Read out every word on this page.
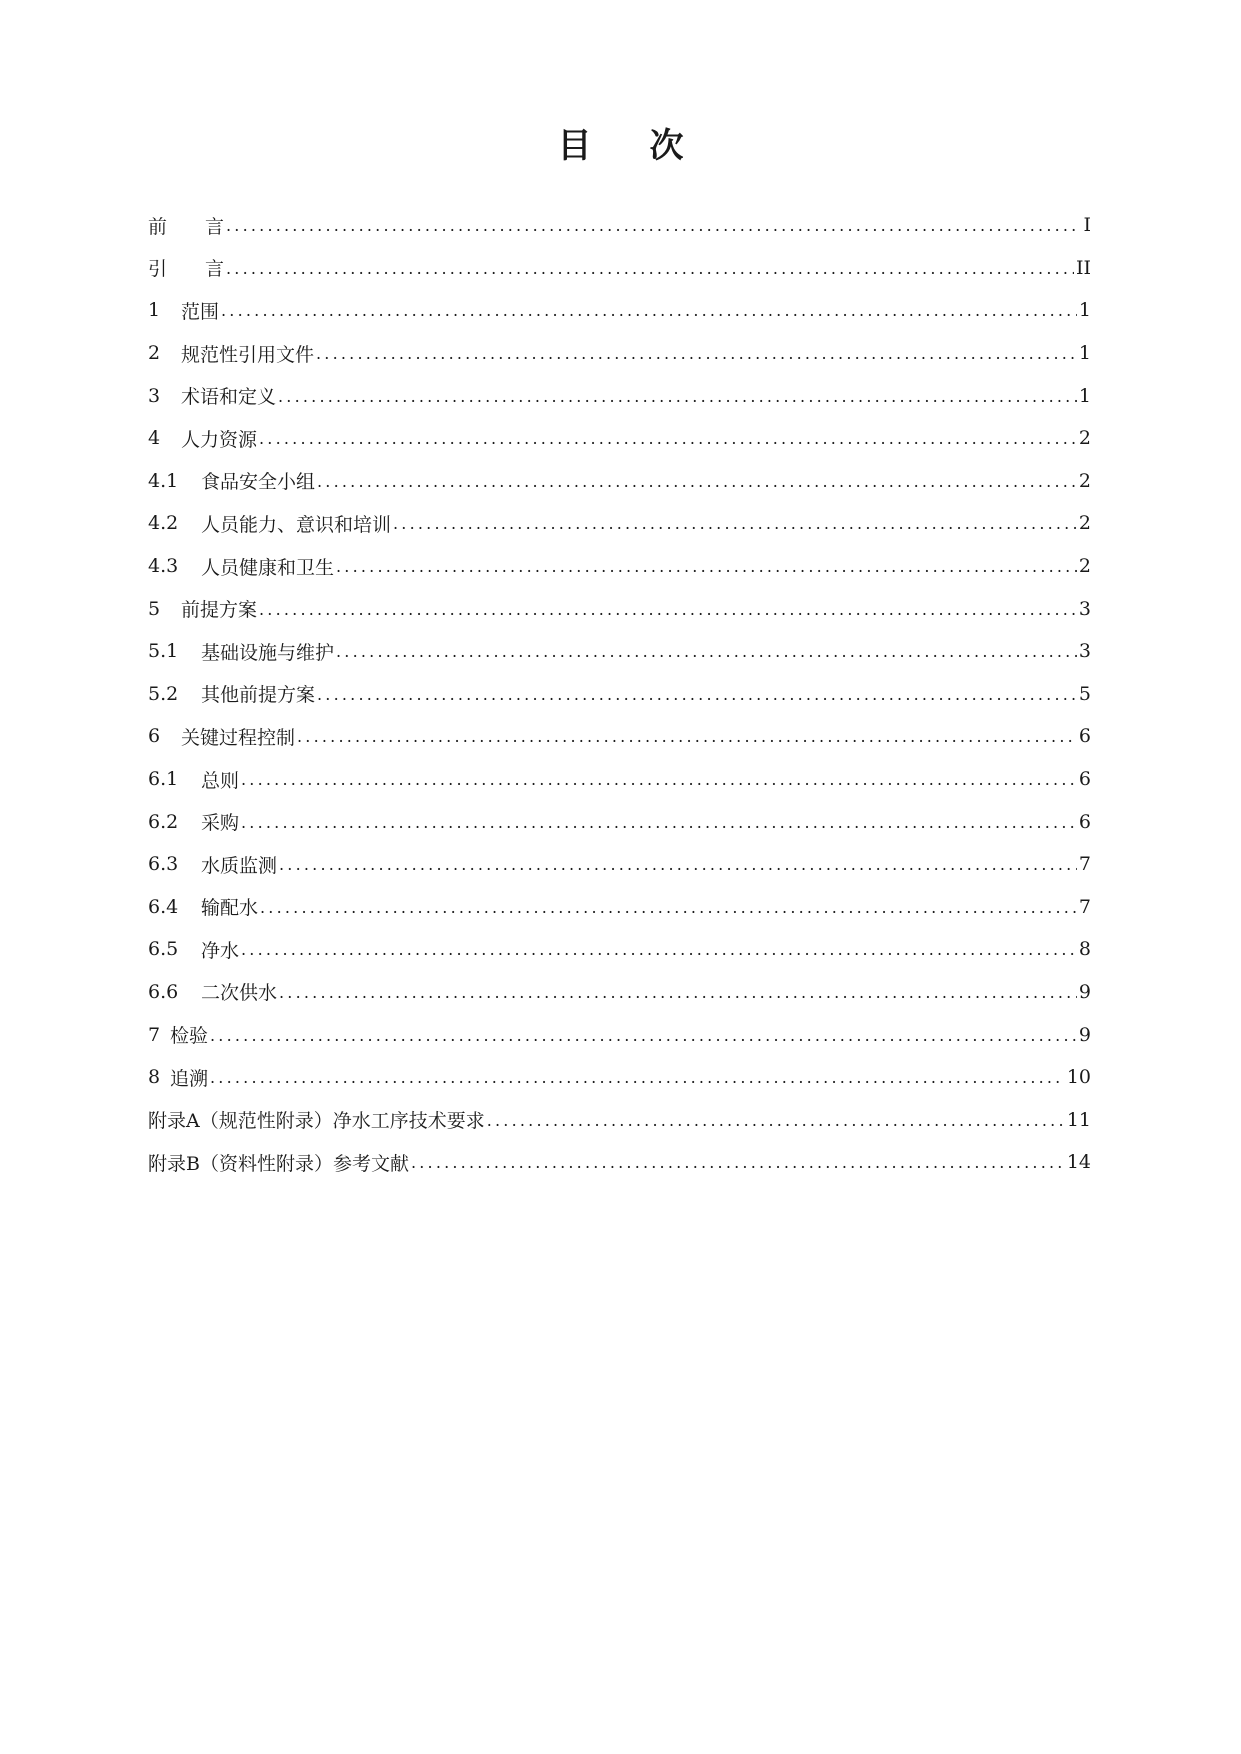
目 次
前　　言 .....	I
引　　言 .....	II
1	范围 .....	1
2	规范性引用文件 .....	1
3	术语和定义 .....	1
4	人力资源 .....	2
4.1	食品安全小组 .....	2
4.2	人员能力、意识和培训 .....	2
4.3	人员健康和卫生 .....	2
5	前提方案 .....	3
5.1	基础设施与维护 .....	3
5.2	其他前提方案 .....	5
6	关键过程控制 .....	6
6.1	总则 .....	6
6.2	采购 .....	6
6.3	水质监测 .....	7
6.4	输配水 .....	7
6.5	净水 .....	8
6.6	二次供水 .....	9
7 检验 .....	9
8 追溯 .....	10
附录A（规范性附录）净水工序技术要求 .....	11
附录B（资料性附录）参考文献 .....	14
